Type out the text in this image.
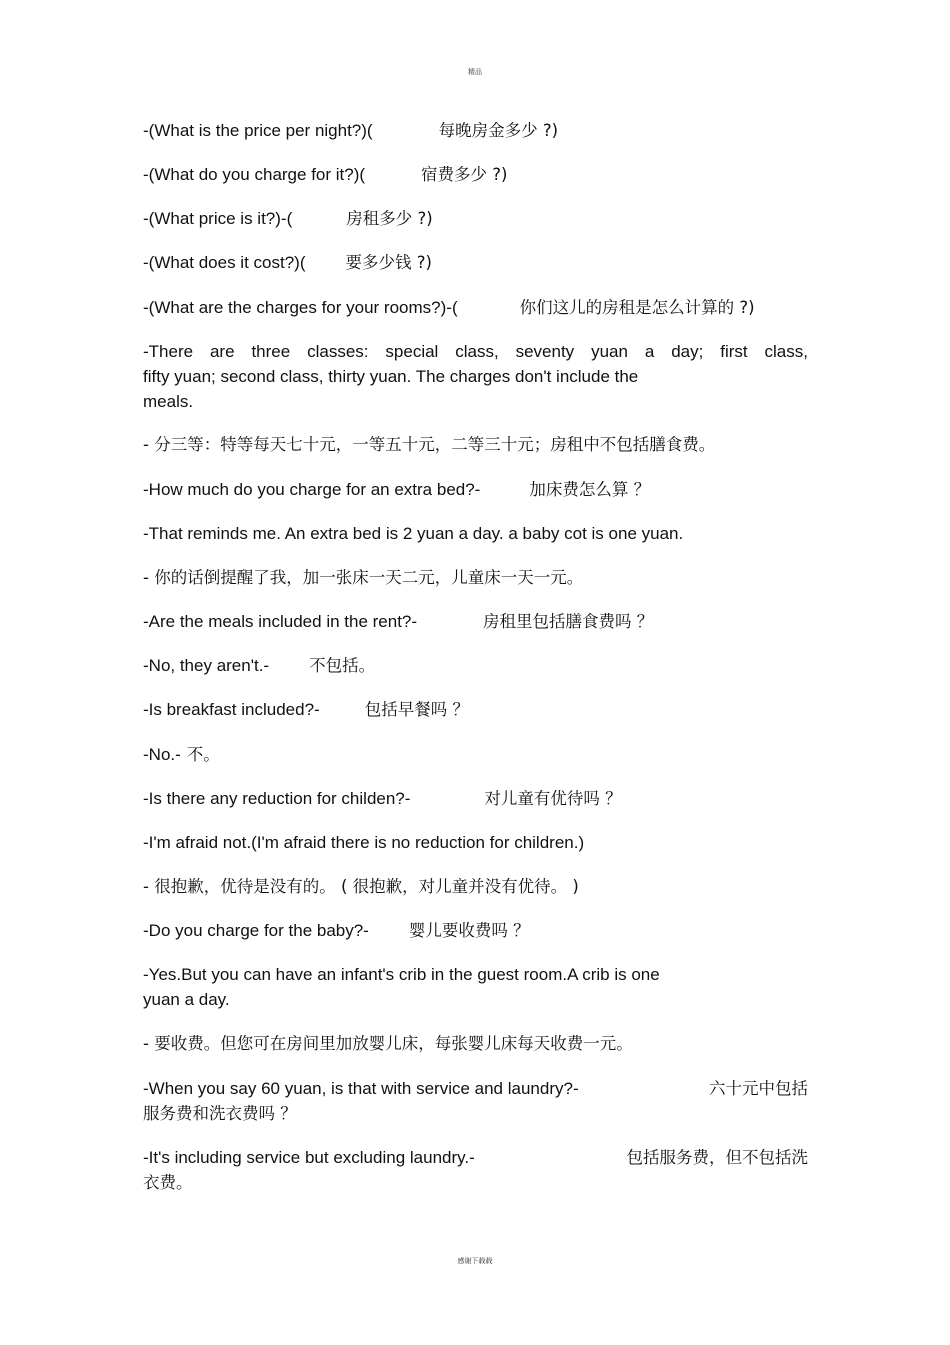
精品
-(What is the price per night?)(	每晚房金多少 ?)
-(What do you charge for it?)(	宿费多少 ?)
-(What price is it?)-(	房租多少 ?)
-(What does it cost?)( 要多少钱 ?)
-(What are the charges for your rooms?)-(	你们这儿的房租是怎么计算的 ?)
-There are three classes: special class, seventy yuan a day; first class,
fifty yuan; second class, thirty yuan. The charges don't include the
meals.
- 分三等：特等每天七十元，一等五十元，二等三十元；房租中不包括膳食费。
-How much do you charge for an extra bed?-	加床费怎么算 ？
-That reminds me. An extra bed is 2 yuan a day. a baby cot is one yuan.
- 你的话倒提醒了我，加一张床一天二元，儿童床一天一元。
-Are the meals included in the rent?-	房租里包括膳食费吗 ？
-No, they aren't.- 不包括。
-Is breakfast included?-	包括早餐吗 ？
-No.- 不。
-Is there any reduction for childen?-	对儿童有优待吗 ？
-I'm afraid not.(I'm afraid there is no reduction for children.)
- 很抱歉，优待是没有的。 ( 很抱歉，对儿童并没有优待。 )
-Do you charge for the baby?- 婴儿要收费吗 ？
-Yes.But you can have an infant's crib in the guest room.A crib is one
yuan a day.
- 要收费。但您可在房间里加放婴儿床，每张婴儿床每天收费一元。
-When you say 60 yuan, is that with service and laundry?-	六十元中包括
服务费和洗衣费吗 ？
-It's including service but excluding laundry.-	包括服务费，但不包括洗
衣费。
感谢下载载
